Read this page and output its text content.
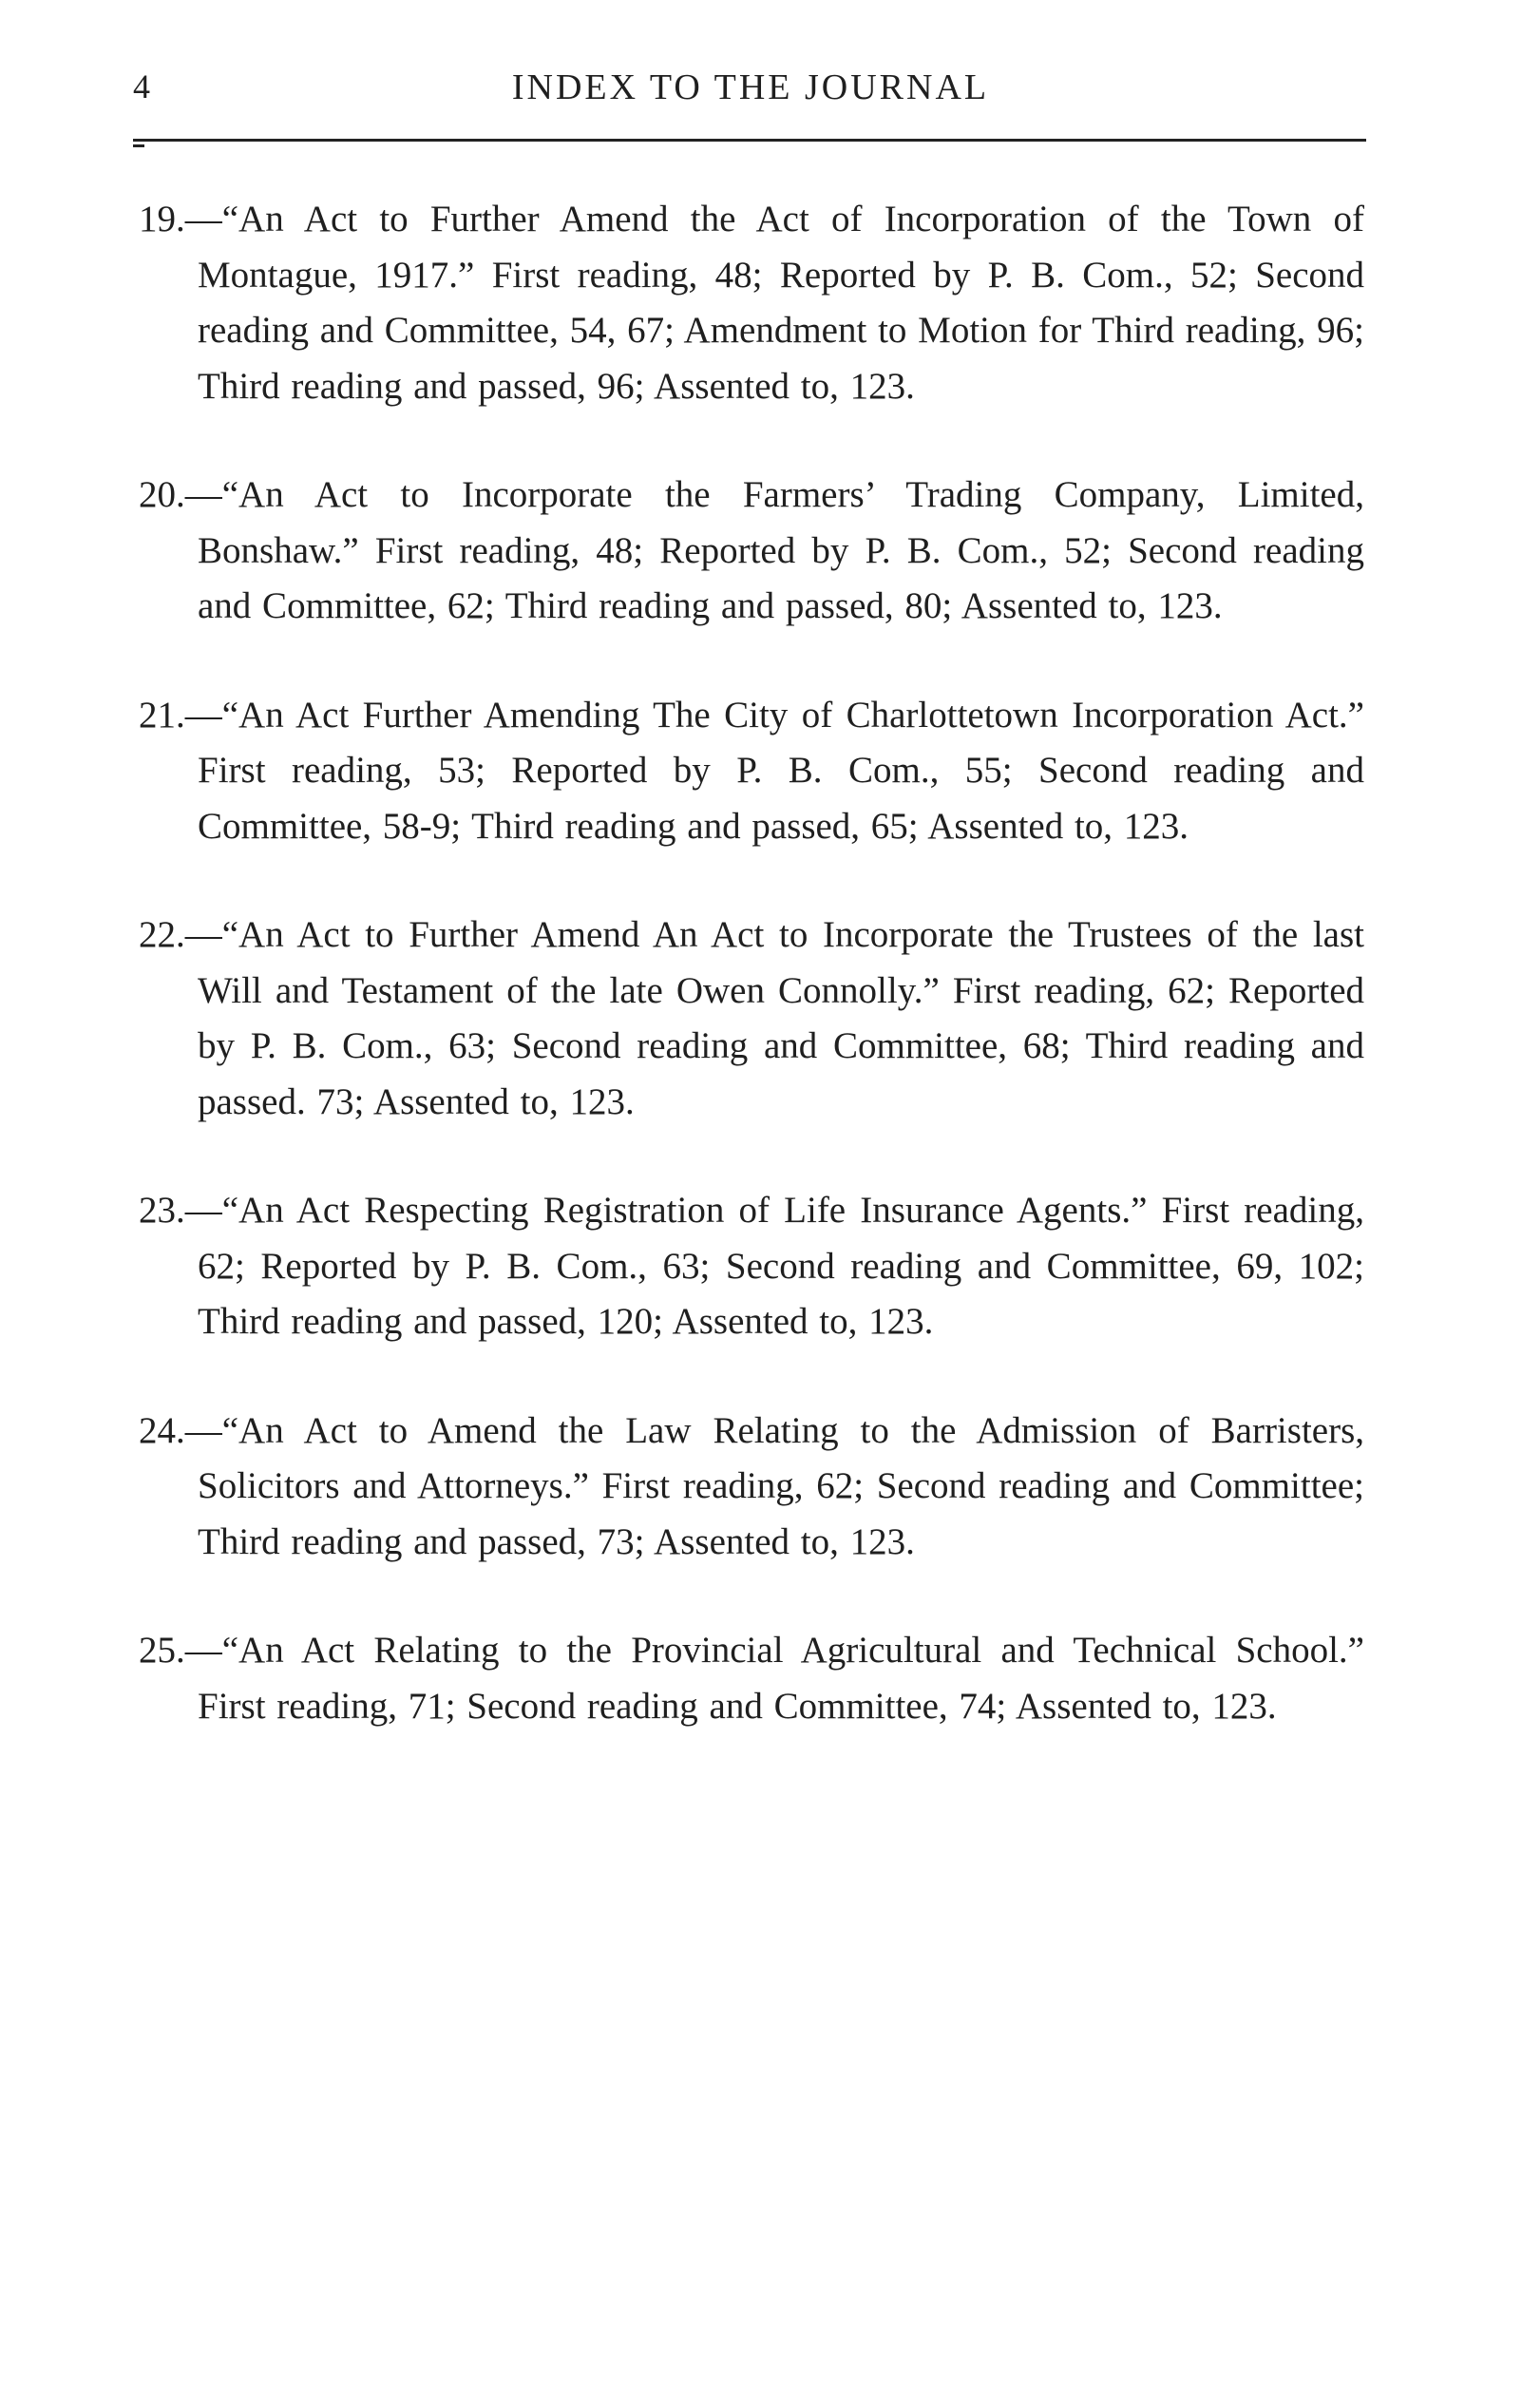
4	INDEX TO THE JOURNAL

19.—“An Act to Further Amend the Act of Incorporation of the Town of Montague, 1917.” First reading, 48; Reported by P. B. Com., 52; Second reading and Committee, 54, 67; Amendment to Motion for Third reading, 96; Third reading and passed, 96; Assented to, 123.

20.—“An Act to Incorporate the Farmers’ Trading Company, Limited, Bonshaw.” First reading, 48; Reported by P. B. Com., 52; Second reading and Committee, 62; Third reading and passed, 80; Assented to, 123.

21.—“An Act Further Amending The City of Charlottetown Incorporation Act.” First reading, 53; Reported by P. B. Com., 55; Second reading and Committee, 58-9; Third reading and passed, 65; Assented to, 123.

22.—“An Act to Further Amend An Act to Incorporate the Trustees of the last Will and Testament of the late Owen Connolly.” First reading, 62; Reported by P. B. Com., 63; Second reading and Committee, 68; Third reading and passed. 73; Assented to, 123.

23.—“An Act Respecting Registration of Life Insurance Agents.” First reading, 62; Reported by P. B. Com., 63; Second reading and Committee, 69, 102; Third reading and passed, 120; Assented to, 123.

24.—“An Act to Amend the Law Relating to the Admission of Barristers, Solicitors and Attorneys.” First reading, 62; Second reading and Committee; Third reading and passed, 73; Assented to, 123.

25.—“An Act Relating to the Provincial Agricultural and Technical School.” First reading, 71; Second reading and Committee, 74; Assented to, 123.
